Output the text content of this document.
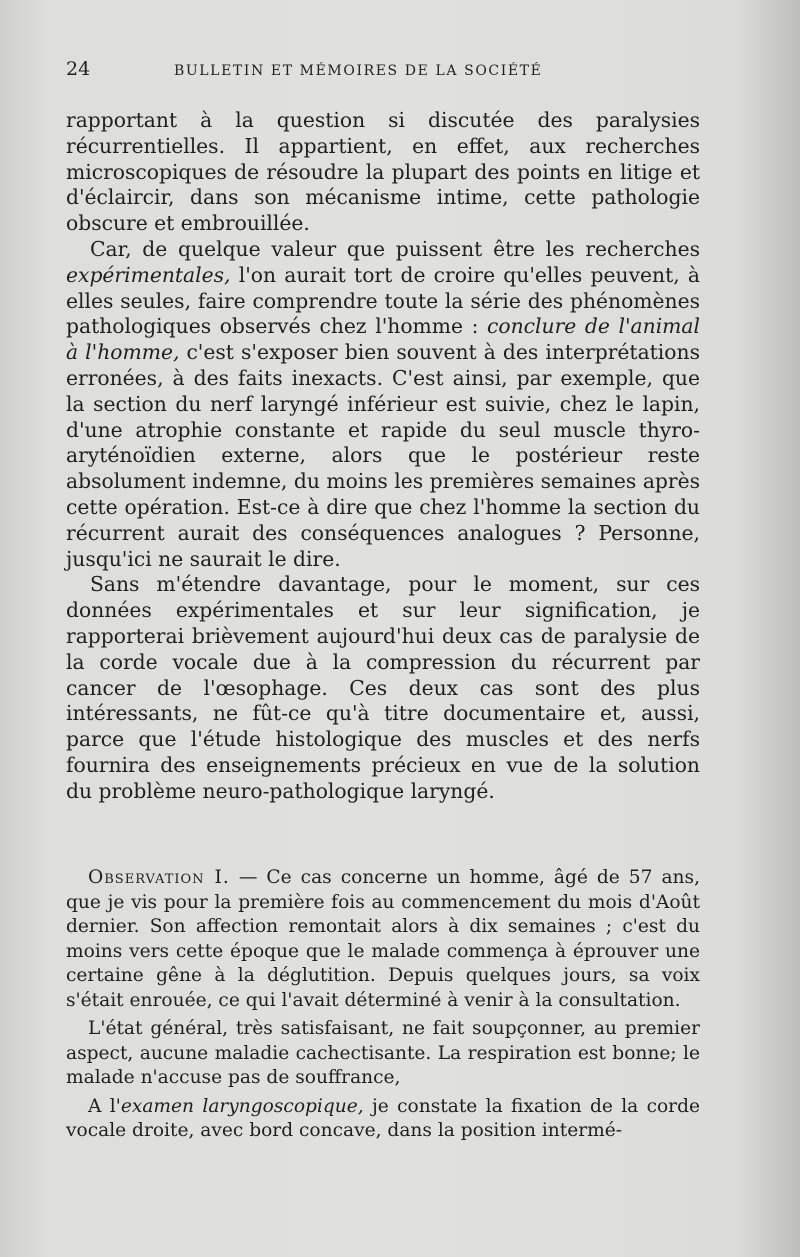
24	BULLETIN ET MÉMOIRES DE LA SOCIÉTÉ

rapportant à la question si discutée des paralysies récurrentielles. Il appartient, en effet, aux recherches microscopiques de résoudre la plupart des points en litige et d'éclaircir, dans son mécanisme intime, cette pathologie obscure et embrouillée.

Car, de quelque valeur que puissent être les recherches expérimentales, l'on aurait tort de croire qu'elles peuvent, à elles seules, faire comprendre toute la série des phénomènes pathologiques observés chez l'homme : conclure de l'animal à l'homme, c'est s'exposer bien souvent à des interprétations erronées, à des faits inexacts. C'est ainsi, par exemple, que la section du nerf laryngé inférieur est suivie, chez le lapin, d'une atrophie constante et rapide du seul muscle thyro-aryténoïdien externe, alors que le postérieur reste absolument indemne, du moins les premières semaines après cette opération. Est-ce à dire que chez l'homme la section du récurrent aurait des conséquences analogues ? Personne, jusqu'ici ne saurait le dire.

Sans m'étendre davantage, pour le moment, sur ces données expérimentales et sur leur signification, je rapporterai brièvement aujourd'hui deux cas de paralysie de la corde vocale due à la compression du récurrent par cancer de l'œsophage. Ces deux cas sont des plus intéressants, ne fût-ce qu'à titre documentaire et, aussi, parce que l'étude histologique des muscles et des nerfs fournira des enseignements précieux en vue de la solution du problème neuro-pathologique laryngé.

Observation I. — Ce cas concerne un homme, âgé de 57 ans, que je vis pour la première fois au commencement du mois d'Août dernier. Son affection remontait alors à dix semaines ; c'est du moins vers cette époque que le malade commença à éprouver une certaine gêne à la déglutition. Depuis quelques jours, sa voix s'était enrouée, ce qui l'avait déterminé à venir à la consultation.

L'état général, très satisfaisant, ne fait soupçonner, au premier aspect, aucune maladie cachectisante. La respiration est bonne; le malade n'accuse pas de souffrance,

A l'examen laryngoscopique, je constate la fixation de la corde vocale droite, avec bord concave, dans la position intermé-
